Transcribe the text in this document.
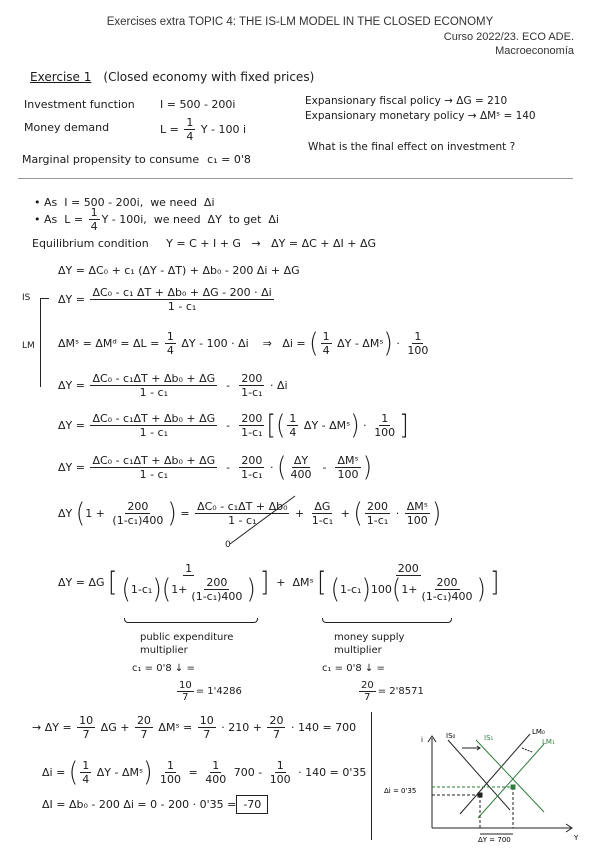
Exercises extra TOPIC 4: THE IS-LM MODEL IN THE CLOSED ECONOMY
Curso 2022/23. ECO ADE.
Macroeconomía
Exercise 1 (Closed economy with fixed prices)
Investment function I = 500 - 200i
Money demand	$L = \frac{1}{4}$ Y - 100 i
Marginal propensity to consume c₁ = 0'8
Expansionary fiscal policy → ΔG = 210
Expansionary monetary policy → ΔMˢ = 140
What is the final effect on investment ?
• As  I = 500 - 200i,  we need  Δi
• As  $L = \frac{1}{4}$ Y - 100i,  we need  ΔY  to get  Δi
Equilibrium condition     Y = C + I + G   →   ΔY = ΔC + ΔI + ΔG
ΔY = ΔC₀ + c₁ (ΔY - ΔT) + Δb₀ - 200 Δi + ΔG
IS	$\Delta Y = \frac{\text{ΔC₀ - c₁ ΔT + Δb₀ + ΔG - 200 · Δi}}{\text{1 - c₁}}$
LM ΔMˢ = ΔMᵈ = $\Delta L = \frac{1}{4}$ ΔY - 100 · Δi    ⇒   Δi = ( $\frac{1}{4}$ ΔY - ΔMˢ ) · $\frac{1}{100}$
$\Delta Y = \frac{\text{ΔC₀ - c₁ΔT + Δb₀ + ΔG}}{\text{1 - c₁}} - \frac{200}{\text{1-c₁}} \cdot \Delta i$
$\Delta Y = \frac{\text{ΔC₀ - c₁ΔT + Δb₀ + ΔG}}{\text{1 - c₁}} - \frac{200}{\text{1-c₁}}$ [ ( $\frac{1}{4}$ ΔY - ΔMˢ ) · $\frac{1}{100}$ ]
$\Delta Y = \frac{\text{ΔC₀ - c₁ΔT + Δb₀ + ΔG}}{\text{1 - c₁}} - \frac{200}{\text{1-c₁}}$ · ( $\frac{\Delta Y}{400} - \frac{\text{ΔMˢ}}{100}$ )
ΔY ( $1 + \frac{200}{\text{(1-c₁)400}}$ ) = $\frac{\text{ΔC₀ - c₁ΔT + Δb₀}}{\text{1 - c₁}} + \frac{\Delta G}{\text{1-c₁}}$ + ( $\frac{200}{\text{1-c₁}} \cdot \frac{\text{ΔMˢ}}{100}$ )
0
ΔY = ΔG [ $\frac{1}{( 1-c_1 ) ( 1+ \frac{200}{\text{(1-c₁)400}} )}$ ] +  ΔMˢ [ $\frac{200}{( 1-c_1 ) 100 ( 1+ \frac{200}{\text{(1-c₁)400}} )}$ ]
public expenditure multiplier
money supply multiplier
c₁ = 0'8 ↓ =	c₁ = 0'8 ↓ =
$\frac{10}{7} = 1'4286$	$\frac{20}{7} = 2'8571$
→ $\Delta Y = \frac{10}{7}$ $\Delta G + \frac{20}{7}$ ΔMˢ = $\frac{10}{7} \cdot 210 + \frac{20}{7} \cdot 140 = 700$
Δi = ( $\frac{1}{4}$ ΔY - ΔMˢ )
$\frac{1}{100} = \frac{1}{400} 700 - \frac{1}{100} \cdot 140 = 0'35$
ΔI = Δb₀ - 200 Δi = 0 - 200 · 0'35 = -70
i
Y
IS₀	IS₁
LM₀
LM₁
Δi = 0'35
ΔY = 700
